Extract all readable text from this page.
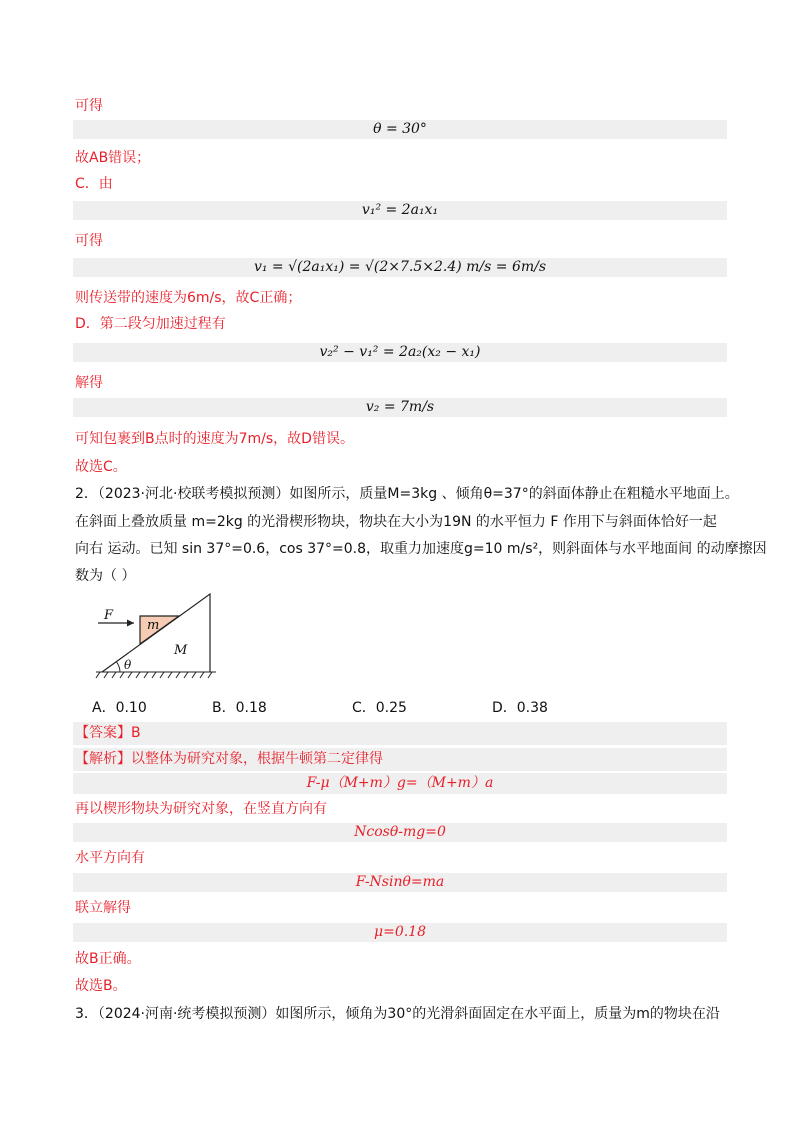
可得
θ = 30°
故AB错误；
C．由
v₁² = 2a₁x₁
可得
v₁ = √(2a₁x₁) = √(2×7.5×2.4) m/s = 6m/s
则传送带的速度为6m/s，故C正确；
D．第二段匀加速过程有
v₂² − v₁² = 2a₂(x₂ − x₁)
解得
v₂ = 7m/s
可知包裹到B点时的速度为7m/s，故D错误。
故选C。
2．（2023·河北·校联考模拟预测）如图所示，质量M=3kg 、倾角θ=37°的斜面体静止在粗糙水平地面上。
在斜面上叠放质量 m=2kg 的光滑楔形物块，物块在大小为19N 的水平恒力 F 作用下与斜面体恰好一起
向右 运动。已知 sin 37°=0.6，cos 37°=0.8，取重力加速度g=10 m/s²，则斜面体与水平地面间 的动摩擦因
数为（ ）
F
m
M
θ
A．0.10	B．0.18	C．0.25	D．0.38
【答案】B
【解析】以整体为研究对象，根据牛顿第二定律得
F-μ（M+m）g=（M+m）a
再以楔形物块为研究对象，在竖直方向有
Ncosθ-mg=0
水平方向有
F-Nsinθ=ma
联立解得
μ=0.18
故B正确。
故选B。
3．（2024·河南·统考模拟预测）如图所示，倾角为30°的光滑斜面固定在水平面上，质量为m的物块在沿
